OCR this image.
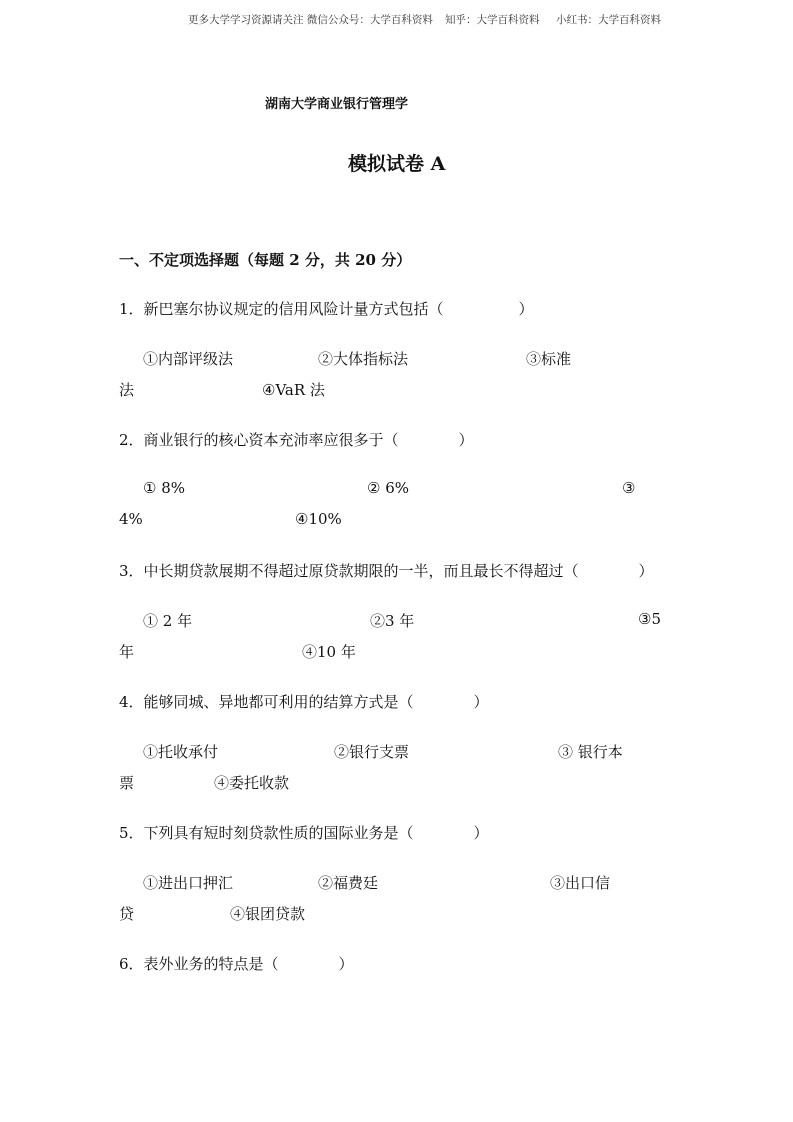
更多大学学习资源请关注 微信公众号：大学百科资料 知乎：大学百科资料 小红书：大学百科资料
湖南大学商业银行管理学
模拟试卷 A
一、不定项选择题（每题 2 分，共 20 分）
1．新巴塞尔协议规定的信用风险计量方式包括（　　　　　）
①内部评级法	②大体指标法	③标准
法	④VaR 法
2．商业银行的核心资本充沛率应很多于（　　　　）
① 8%	② 6%	③
4%	④10%
3．中长期贷款展期不得超过原贷款期限的一半，而且最长不得超过（　　　　）
① 2 年	②3 年	③5
年	④10 年
4．能够同城、异地都可利用的结算方式是（　　　　）
①托收承付	②银行支票	③ 银行本
票	④委托收款
5．下列具有短时刻贷款性质的国际业务是（　　　　）
①进出口押汇	②福费廷	③出口信
贷	④银团贷款
6．表外业务的特点是（　　　　）
